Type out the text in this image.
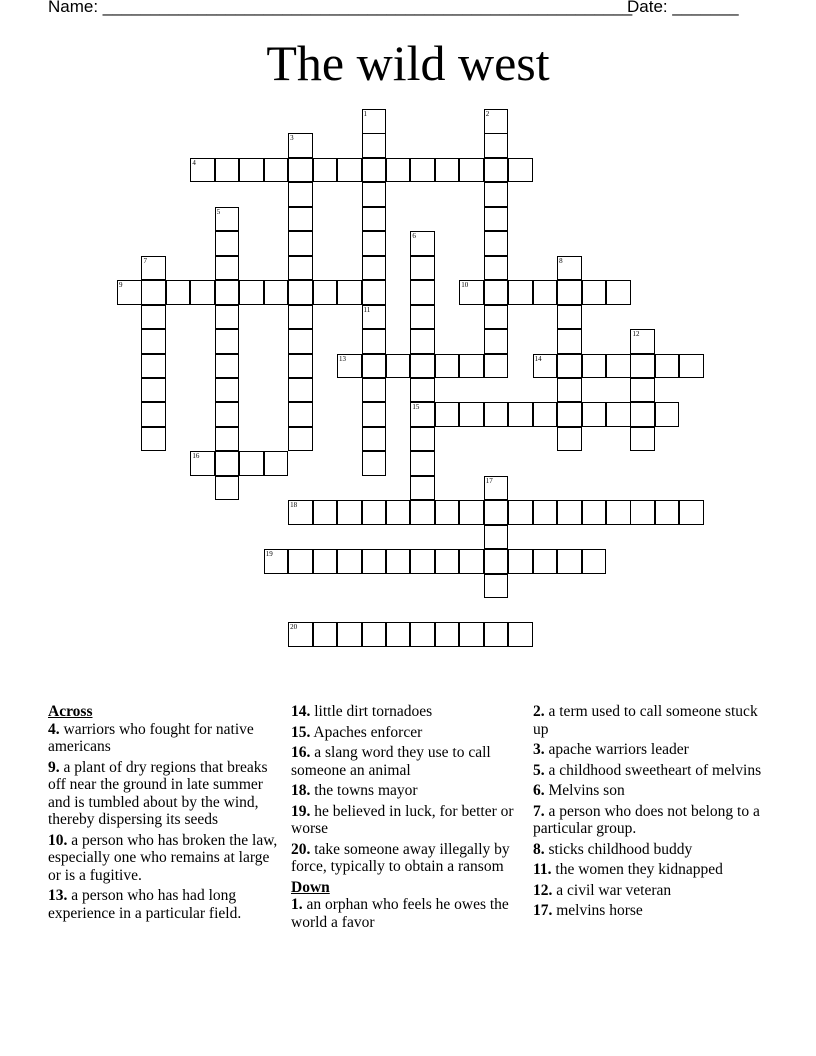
Name: ________________________________________________________
Date: _______
The wild west
1	2
3
4
5
6
7	8
9	10
11
12
13	14
15
16
17
18
19
20
Across
4. warriors who fought for native americans
9. a plant of dry regions that breaks off near the ground in late summer and is tumbled about by the wind, thereby dispersing its seeds
10. a person who has broken the law, especially one who remains at large or is a fugitive.
13. a person who has had long experience in a particular field.
14. little dirt tornadoes
15. Apaches enforcer
16. a slang word they use to call someone an animal
18. the towns mayor
19. he believed in luck, for better or worse
20. take someone away illegally by force, typically to obtain a ransom
Down
1. an orphan who feels he owes the world a favor
2. a term used to call someone stuck up
3. apache warriors leader
5. a childhood sweetheart of melvins
6. Melvins son
7. a person who does not belong to a particular group.
8. sticks childhood buddy
11. the women they kidnapped
12. a civil war veteran
17. melvins horse
